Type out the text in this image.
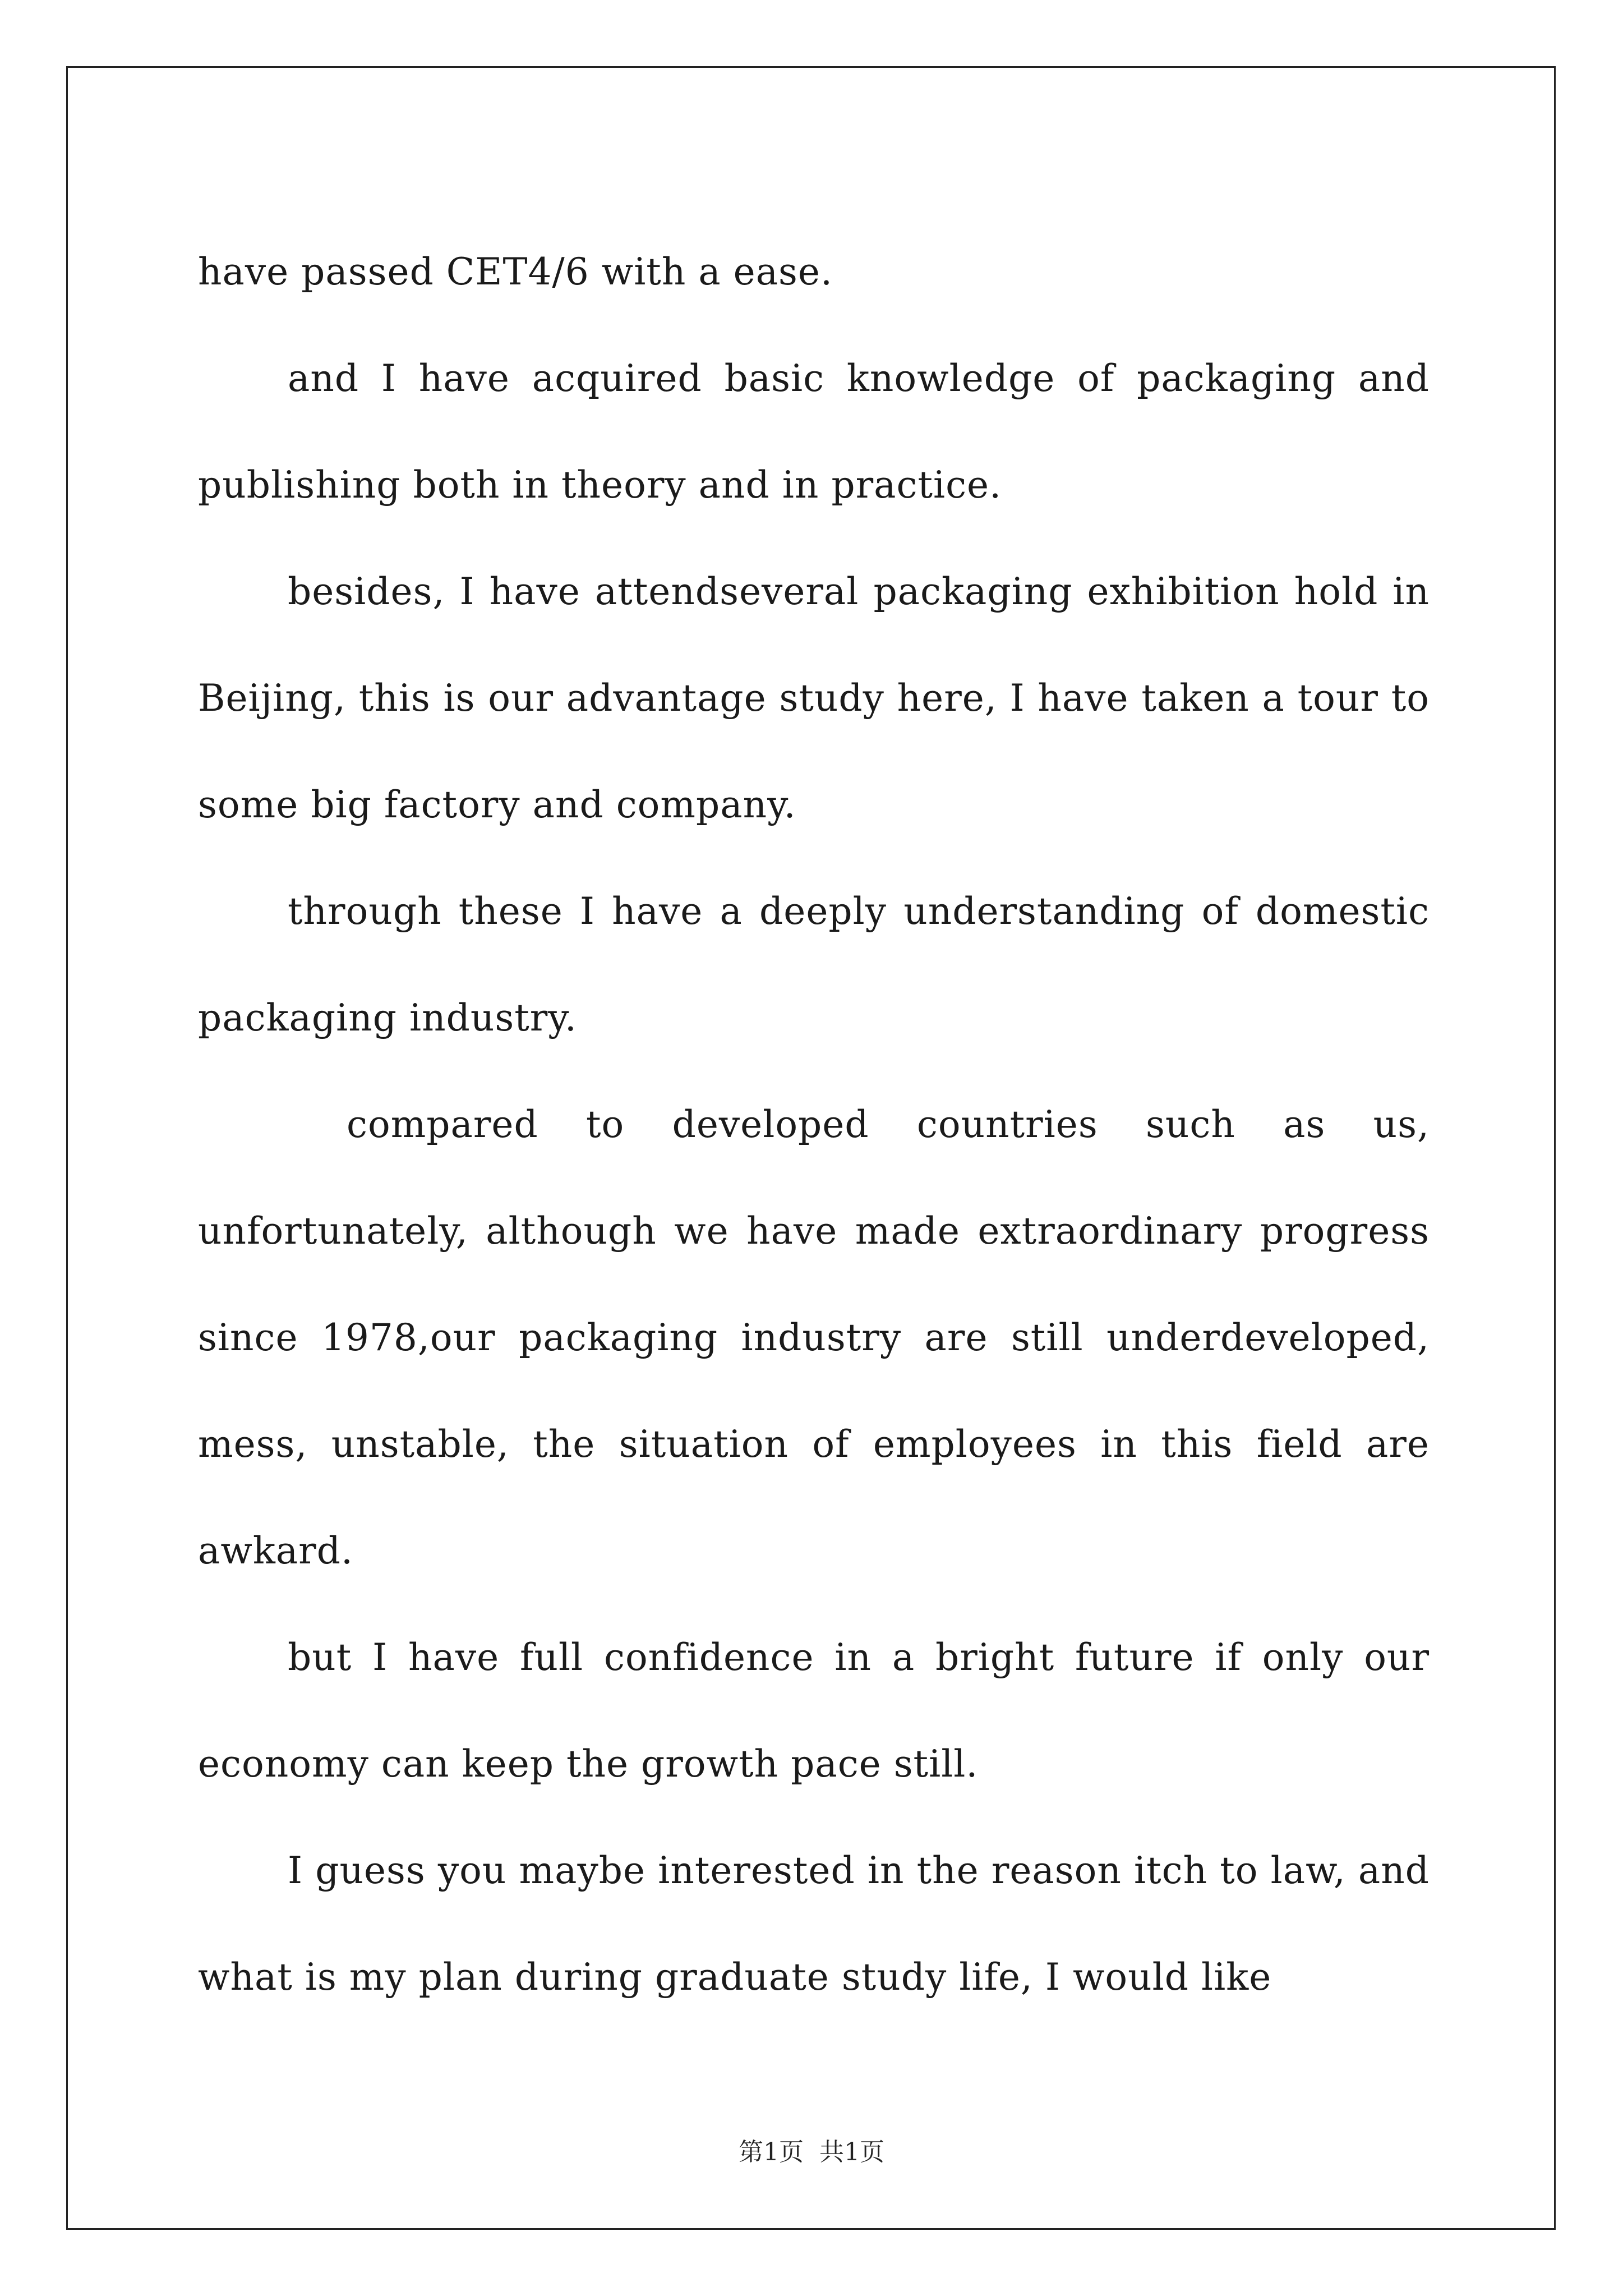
have passed CET4/6 with a ease.

and I have acquired basic knowledge of packaging and publishing both in theory and in practice.

besides, I have attendseveral packaging exhibition hold in Beijing, this is our advantage study here, I have taken a tour to some big factory and company.

through these I have a deeply understanding of domestic packaging industry.

compared to developed countries such as us, unfortunately, although we have made extraordinary progress since 1978,our packaging industry are still underdeveloped, mess, unstable, the situation of employees in this field are awkard.

but I have full confidence in a bright future if only our economy can keep the growth pace still.

I guess you maybe interested in the reason itch to law, and what is my plan during graduate study life, I would like

第1页  共1页
